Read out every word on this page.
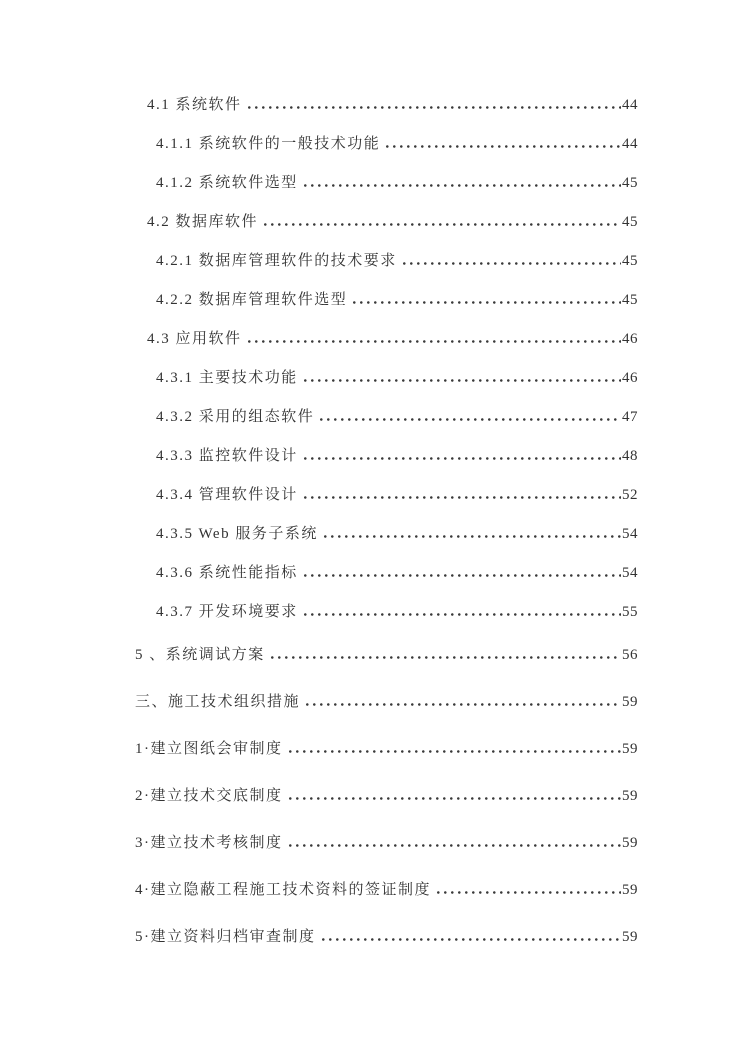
4.1 系统软件	44
4.1.1 系统软件的一般技术功能	44
4.1.2 系统软件选型	45
4.2 数据库软件	45
4.2.1 数据库管理软件的技术要求	45
4.2.2 数据库管理软件选型	45
4.3 应用软件	46
4.3.1 主要技术功能	46
4.3.2 采用的组态软件	47
4.3.3 监控软件设计	48
4.3.4 管理软件设计	52
4.3.5 Web 服务子系统	54
4.3.6 系统性能指标	54
4.3.7 开发环境要求	55
5 、系统调试方案	56
三、施工技术组织措施	59
1·建立图纸会审制度	59
2·建立技术交底制度	59
3·建立技术考核制度	59
4·建立隐蔽工程施工技术资料的签证制度	59
5·建立资料归档审查制度	59
